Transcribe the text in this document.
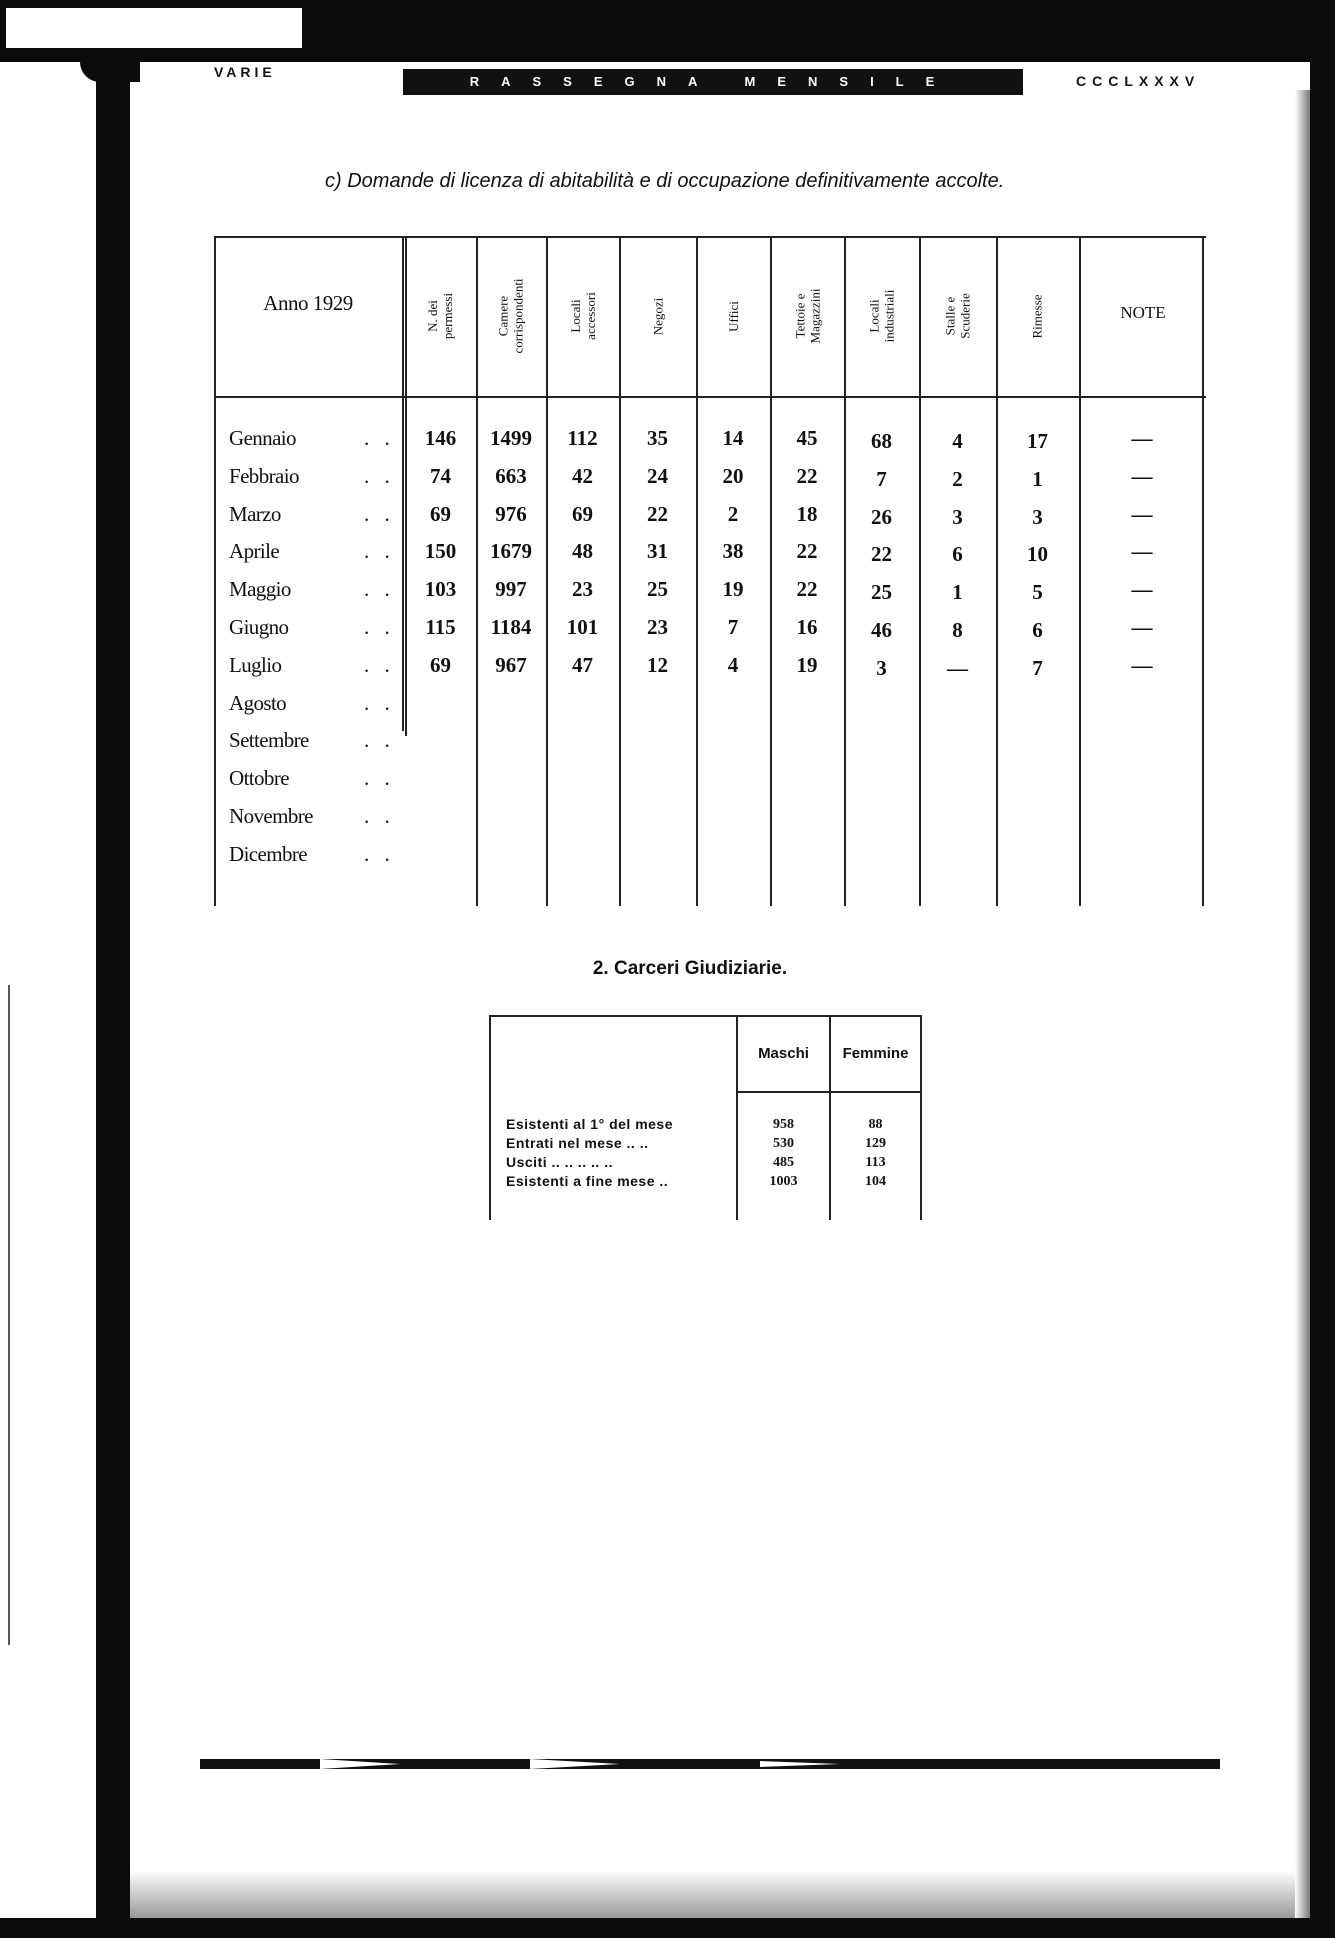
VARIE
RASSEGNA MENSILE	CCCLXXXV
c) Domande di licenza di abitabilità e di occupazione definitivamente accolte.
Anno 1929	NOTE
N. dei permessi	Camere corrispondenti	Locali accessori	Negozi	Uffici	Tettoie e Magazzini	Locali industriali	Stalle e Scuderie	Rimesse
Gennaio	. .	146	1499	112	35	14	45	68	4	17	—
Febbraio	. .	74	663	42	24	20	22	7	2	1	—
Marzo	. .	69	976	69	22	2	18	26	3	3	—
Aprile	. .	150	1679	48	31	38	22	22	6	10	—
Maggio	. .	103	997	23	25	19	22	25	1	5	—
Giugno	. .	115	1184	101	23	7	16	46	8	6	—
Luglio	. .	69	967	47	12	4	19	3	—	7	—
Agosto	. .
Settembre	. .
Ottobre	. .
Novembre . .
Dicembre	. .
2. Carceri Giudiziarie.
Maschi	Femmine
Esistenti al 1° del mese	958	88
Entrati nel mese .. ..	530	129
Usciti .. .. .. .. ..	485	113
Esistenti a fine mese ..	1003	104
